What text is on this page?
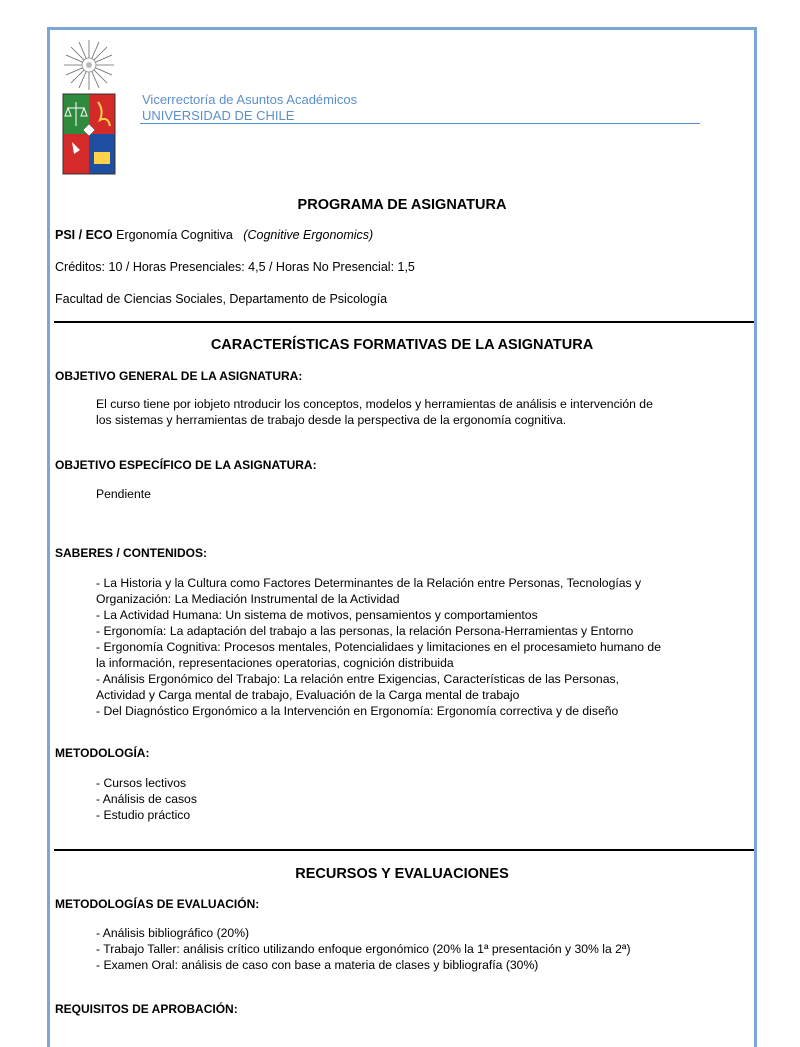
Vicerrectoría de Asuntos Académicos
UNIVERSIDAD DE CHILE
PROGRAMA DE ASIGNATURA
PSI / ECO Ergonomía Cognitiva (Cognitive Ergonomics)
Créditos: 10 / Horas Presenciales: 4,5 / Horas No Presencial: 1,5
Facultad de Ciencias Sociales, Departamento de Psicología
CARACTERÍSTICAS FORMATIVAS DE LA ASIGNATURA
OBJETIVO GENERAL DE LA ASIGNATURA:
El curso tiene por iobjeto ntroducir los conceptos, modelos y herramientas de análisis e intervención de
los sistemas y herramientas de trabajo desde la perspectiva de la ergonomía cognitiva.
OBJETIVO ESPECÍFICO DE LA ASIGNATURA:
Pendiente
SABERES / CONTENIDOS:
- La Historia y la Cultura como Factores Determinantes de la Relación entre Personas, Tecnologías y
Organización: La Mediación Instrumental de la Actividad
- La Actividad Humana: Un sistema de motivos, pensamientos y comportamientos
- Ergonomía: La adaptación del trabajo a las personas, la relación Persona-Herramientas y Entorno
- Ergonomía Cognitiva: Procesos mentales, Potencialidaes y limitaciones en el procesamieto humano de
la información, representaciones operatorias, cognición distribuida
- Análisis Ergonómico del Trabajo: La relación entre Exigencias, Características de las Personas,
Actividad y Carga mental de trabajo, Evaluación de la Carga mental de trabajo
- Del Diagnóstico Ergonómico a la Intervención en Ergonomía: Ergonomía correctiva y de diseño
METODOLOGÍA:
- Cursos lectivos
- Análisis de casos
- Estudio práctico
RECURSOS Y EVALUACIONES
METODOLOGÍAS DE EVALUACIÓN:
- Análisis bibliográfico (20%)
- Trabajo Taller: análisis crítico utilizando enfoque ergonómico (20% la 1ª presentación y 30% la 2ª)
- Examen Oral: análisis de caso con base a materia de clases y bibliografía (30%)
REQUISITOS DE APROBACIÓN:
